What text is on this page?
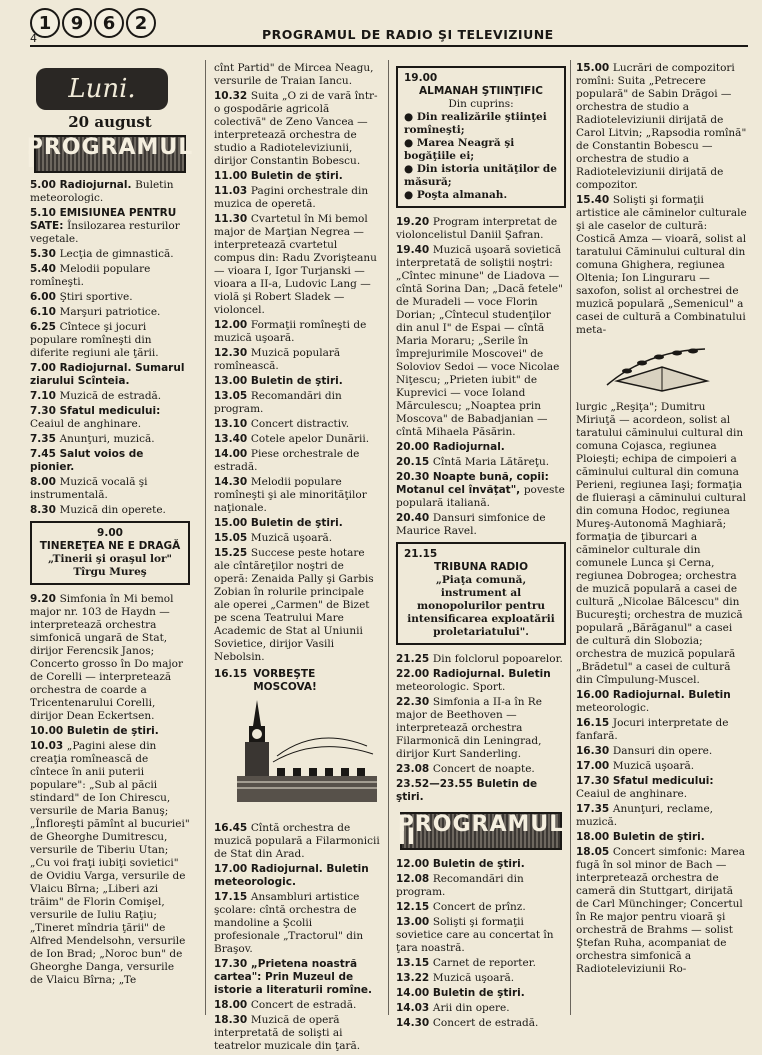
1	9	6	2
4	PROGRAMUL DE RADIO ŞI TELEVIZIUNE
Luni.
20 august
PROGRAMUL I

5.00 Radiojurnal. Buletin meteorologic.

5.10 EMISIUNEA PENTRU SATE: Însilozarea resturilor vegetale.

5.30 Lecţia de gimnastică.

5.40 Melodii populare romîneşti.

6.00 Ştiri sportive.

6.10 Marşuri patriotice.

6.25 Cîntece şi jocuri populare romîneşti din diferite regiuni ale ţării.

7.00 Radiojurnal. Sumarul ziarului Scînteia.

7.10 Muzică de estradă.

7.30 Sfatul medicului: Ceaiul de anghinare.

7.35 Anunţuri, muzică.

7.45 Salut voios de pionier.

8.00 Muzică vocală şi instrumentală.

8.30 Muzică din operete.

9.00
TINEREŢEA NE E DRAGĂ
„Tinerii şi oraşul lor" Tîrgu Mureş

9.20 Simfonia în Mi bemol major nr. 103 de Haydn — interpretează orchestra simfonică ungară de Stat, dirijor Ferencsik Janos; Concerto grosso în Do major de Corelli — interpretează orchestra de coarde a Tricentenarului Corelli, dirijor Dean Eckertsen.

10.00 Buletin de ştiri.

10.03 „Pagini alese din creaţia romînească de cîntece în anii puterii populare": „Sub al păcii stindard" de Ion Chirescu, versurile de Maria Banuş; „Înfloreşti pămînt al bucuriei" de Gheorghe Dumitrescu, versurile de Tiberiu Utan; „Cu voi fraţi iubiţi sovietici" de Ovidiu Varga, versurile de Vlaicu Bîrna; „Liberi azi trăim" de Florin Comişel, versurile de Iuliu Raţiu; „Tineret mîndria ţării" de Alfred Mendelsohn, versurile de Ion Brad; „Noroc bun" de Gheorghe Danga, versurile de Vlaicu Bîrna; „Te

cînt Partid" de Mircea Neagu, versurile de Traian Iancu.

10.32 Suita „O zi de vară într-o gospodărie agricolă colectivă" de Zeno Vancea — interpretează orchestra de studio a Radioteleviziunii, dirijor Constantin Bobescu.

11.00 Buletin de ştiri.

11.03 Pagini orchestrale din muzica de operetă.

11.30 Cvartetul în Mi bemol major de Marţian Negrea — interpretează cvartetul compus din: Radu Zvorişteanu — vioara I, Igor Turjanski — vioara a II-a, Ludovic Lang — violă şi Robert Sladek — violoncel.

12.00 Formaţii romîneşti de muzică uşoară.

12.30 Muzică populară romînească.

13.00 Buletin de ştiri.

13.05 Recomandări din program.

13.10 Concert distractiv.

13.40 Cotele apelor Dunării.

14.00 Piese orchestrale de estradă.

14.30 Melodii populare romîneşti şi ale minorităţilor naţionale.

15.00 Buletin de ştiri.

15.05 Muzică uşoară.

15.25 Succese peste hotare ale cîntăreţilor noştri de operă: Zenaida Pally şi Garbis Zobian în rolurile principale ale operei „Carmen" de Bizet pe scena Teatrului Mare Academic de Stat al Uniunii Sovietice, dirijor Vasili Nebolsin.

16.15 VORBEŞTE MOSCOVA!

16.45 Cîntă orchestra de muzică populară a Filarmonicii de Stat din Arad.

17.00 Radiojurnal. Buletin meteorologic.

17.15 Ansambluri artistice şcolare: cîntă orchestra de mandoline a Şcolii profesionale „Tractorul" din Braşov.

17.30 „Prietena noastră cartea": Prin Muzeul de istorie a literaturii romîne.

18.00 Concert de estradă.

18.30 Muzică de operă interpretată de solişti ai teatrelor muzicale din ţară.

19.00
ALMANAH ŞTIINŢIFIC
Din cuprins:
● Din realizările ştiinţei romîneşti;
● Marea Neagră şi bogăţiile ei;
● Din istoria unităţilor de măsură;
● Poşta almanah.

19.20 Program interpretat de violoncelistul Daniil Şafran.

19.40 Muzică uşoară sovietică interpretată de soliştii noştri: „Cîntec minune" de Liadova — cîntă Sorina Dan; „Dacă fetele" de Muradeli — voce Florin Dorian; „Cîntecul studenţilor din anul I" de Espai — cîntă Maria Moraru; „Serile în împrejurimile Moscovei" de Soloviov Sedoi — voce Nicolae Niţescu; „Prieten iubit" de Kuprevici — voce Ioland Mărculescu; „Noaptea prin Moscova" de Babadjanian — cîntă Mihaela Păsărin.

20.00 Radiojurnal.

20.15 Cîntă Maria Lătăreţu.

20.30 Noapte bună, copii: Motanul cel învăţat", poveste populară italiană.

20.40 Dansuri simfonice de Maurice Ravel.

21.15
TRIBUNA RADIO
„Piaţa comună, instrument al monopolurilor pentru intensificarea exploatării proletariatului".

21.25 Din folclorul popoarelor.

22.00 Radiojurnal. Buletin meteorologic. Sport.

22.30 Simfonia a II-a în Re major de Beethoven — interpretează orchestra Filarmonică din Leningrad, dirijor Kurt Sanderling.

23.08 Concert de noapte.

23.52—23.55 Buletin de ştiri.

PROGRAMUL II

12.00 Buletin de ştiri.

12.08 Recomandări din program.

12.15 Concert de prînz.

13.00 Solişti şi formaţii sovietice care au concertat în ţara noastră.

13.15 Carnet de reporter.

13.22 Muzică uşoară.

14.00 Buletin de ştiri.

14.03 Arii din opere.

14.30 Concert de estradă.

15.00 Lucrări de compozitori romîni: Suita „Petrecere populară" de Sabin Drăgoi — orchestra de studio a Radioteleviziunii dirijată de Carol Litvin; „Rapsodia romînă" de Constantin Bobescu — orchestra de studio a Radioteleviziunii dirijată de compozitor.

15.40 Solişti şi formaţii artistice ale căminelor culturale şi ale caselor de cultură: Costică Amza — vioară, solist al taratului Căminului cultural din comuna Ghighera, regiunea Oltenia; Ion Linguraru — saxofon, solist al orchestrei de muzică populară „Semenicul" a casei de cultură a Combinatului meta-

lurgic „Reşiţa"; Dumitru Miriuţă — acordeon, solist al taratului căminului cultural din comuna Cojasca, regiunea Ploieşti; echipa de cimpoieri a căminului cultural din comuna Perieni, regiunea Iaşi; formaţia de fluieraşi a căminului cultural din comuna Hodoc, regiunea Mureş-Autonomă Maghiară; formaţia de ţiburcari a căminelor culturale din comunele Lunca şi Cerna, regiunea Dobrogea; orchestra de muzică populară a casei de cultură „Nicolae Bălcescu" din Bucureşti; orchestra de muzică populară „Bărăganul" a casei de cultură din Slobozia; orchestra de muzică populară „Brădetul" a casei de cultură din Cîmpulung-Muscel.

16.00 Radiojurnal. Buletin meteorologic.

16.15 Jocuri interpretate de fanfară.

16.30 Dansuri din opere.

17.00 Muzică uşoară.

17.30 Sfatul medicului: Ceaiul de anghinare.

17.35 Anunţuri, reclame, muzică.

18.00 Buletin de ştiri.

18.05 Concert simfonic: Marea fugă în sol minor de Bach — interpretează orchestra de cameră din Stuttgart, dirijată de Carl Münchinger; Concertul în Re major pentru vioară şi orchestră de Brahms — solist Ştefan Ruha, acompaniat de orchestra simfonică a Radioteleviziunii Ro-
